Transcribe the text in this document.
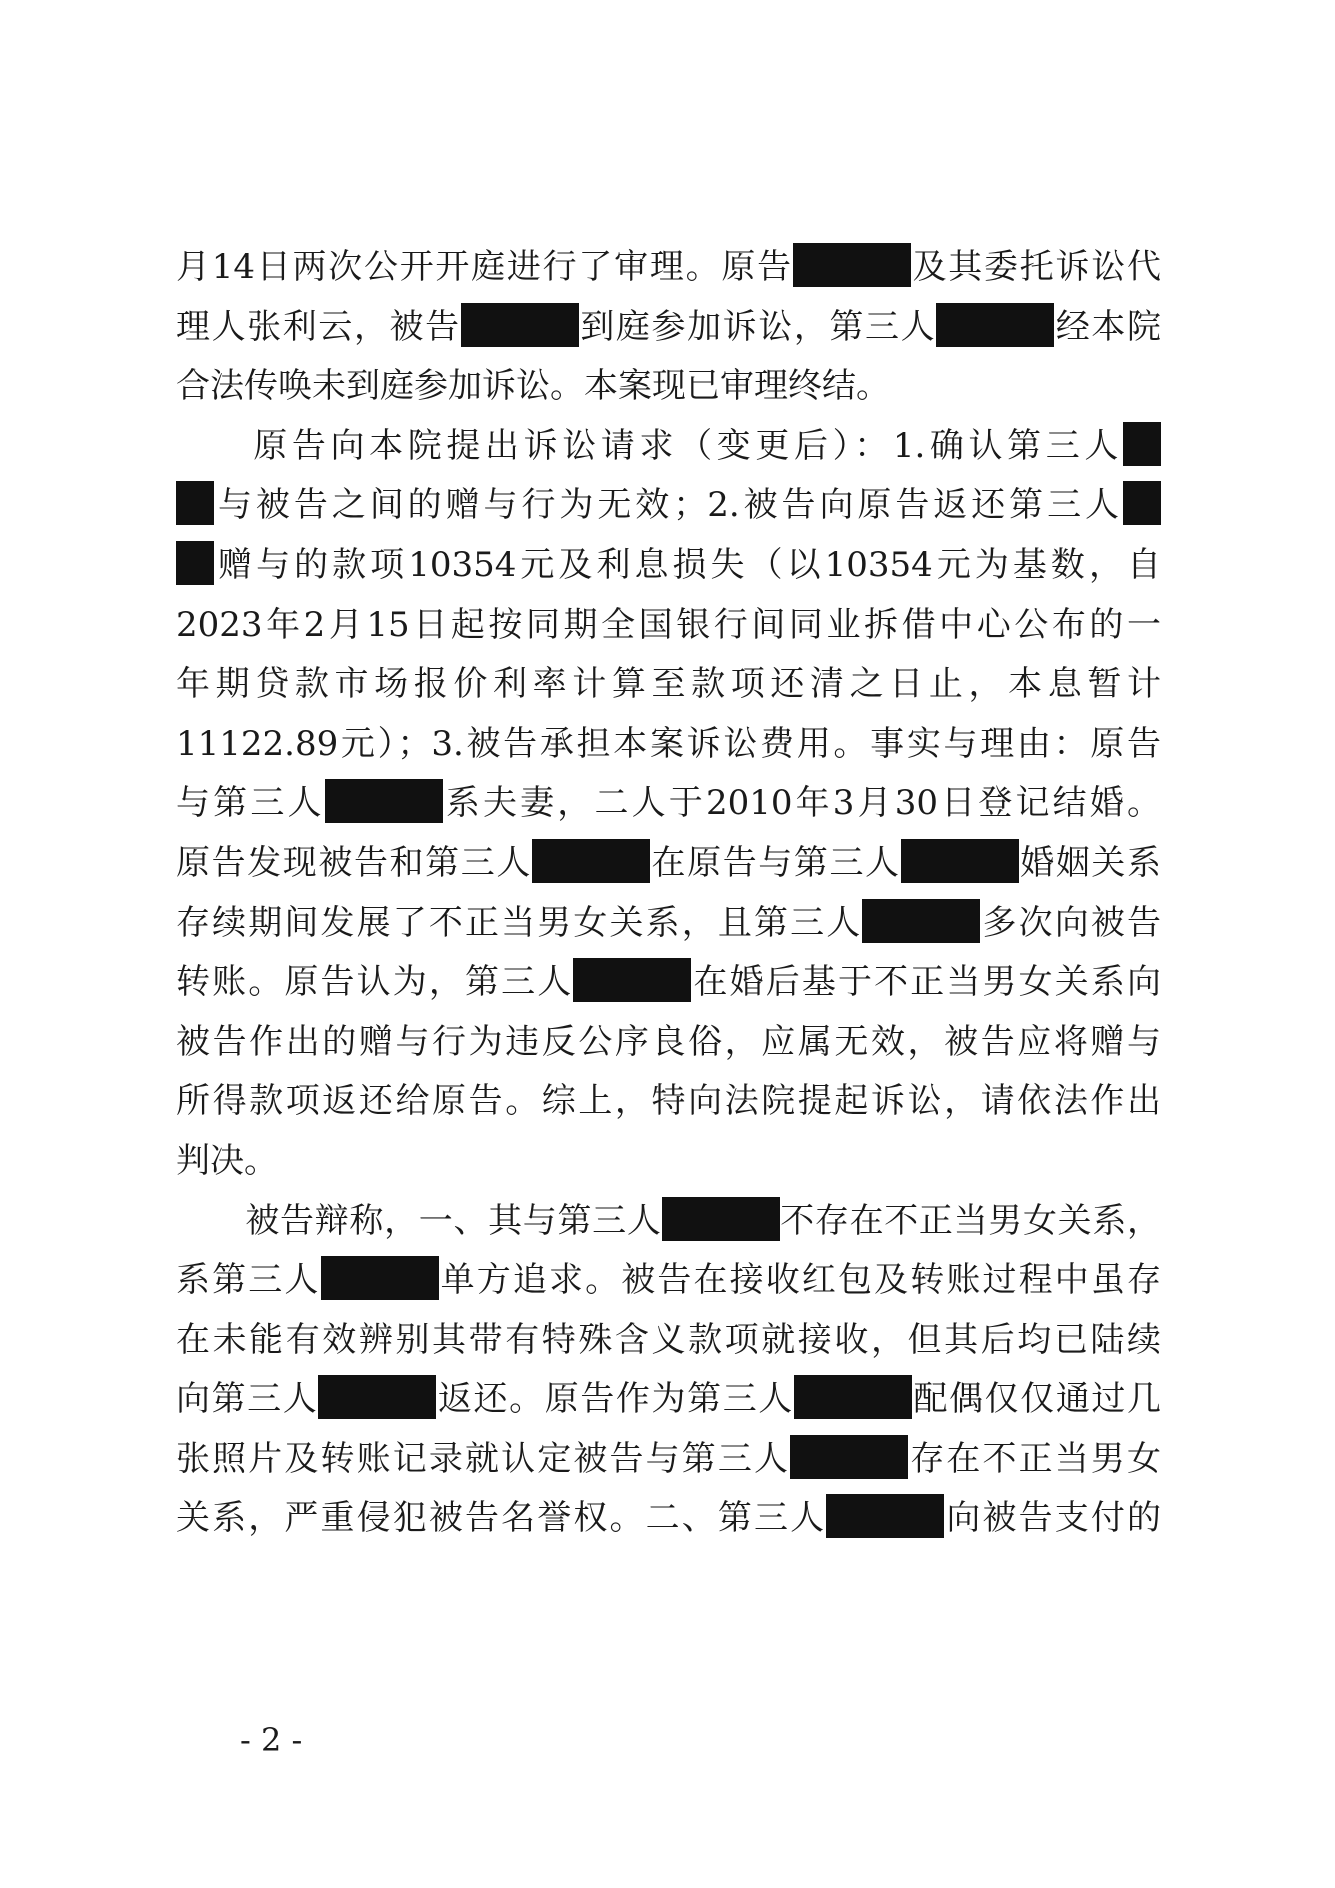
月14日两次公开开庭进行了审理。原告	及其委托诉讼代
理人张利云，被告	到庭参加诉讼，第三人	经本院
合法传唤未到庭参加诉讼。本案现已审理终结。
　　原告向本院提出诉讼请求（变更后）：1.确认第三人
与被告之间的赠与行为无效；2.被告向原告返还第三人
赠与的款项10354元及利息损失（以10354元为基数，自
2023年2月15日起按同期全国银行间同业拆借中心公布的一
年期贷款市场报价利率计算至款项还清之日止，本息暂计
11122.89元）；3.被告承担本案诉讼费用。事实与理由：原告
与第三人	系夫妻，二人于2010年3月30日登记结婚。
原告发现被告和第三人	在原告与第三人	婚姻关系
存续期间发展了不正当男女关系，且第三人	多次向被告
转账。原告认为，第三人	在婚后基于不正当男女关系向
被告作出的赠与行为违反公序良俗，应属无效，被告应将赠与
所得款项返还给原告。综上，特向法院提起诉讼，请依法作出
判决。
　　被告辩称，一、其与第三人	不存在不正当男女关系，
系第三人	单方追求。被告在接收红包及转账过程中虽存
在未能有效辨别其带有特殊含义款项就接收，但其后均已陆续
向第三人	返还。原告作为第三人	配偶仅仅通过几
张照片及转账记录就认定被告与第三人	存在不正当男女
关系，严重侵犯被告名誉权。二、第三人	向被告支付的
- 2 -
